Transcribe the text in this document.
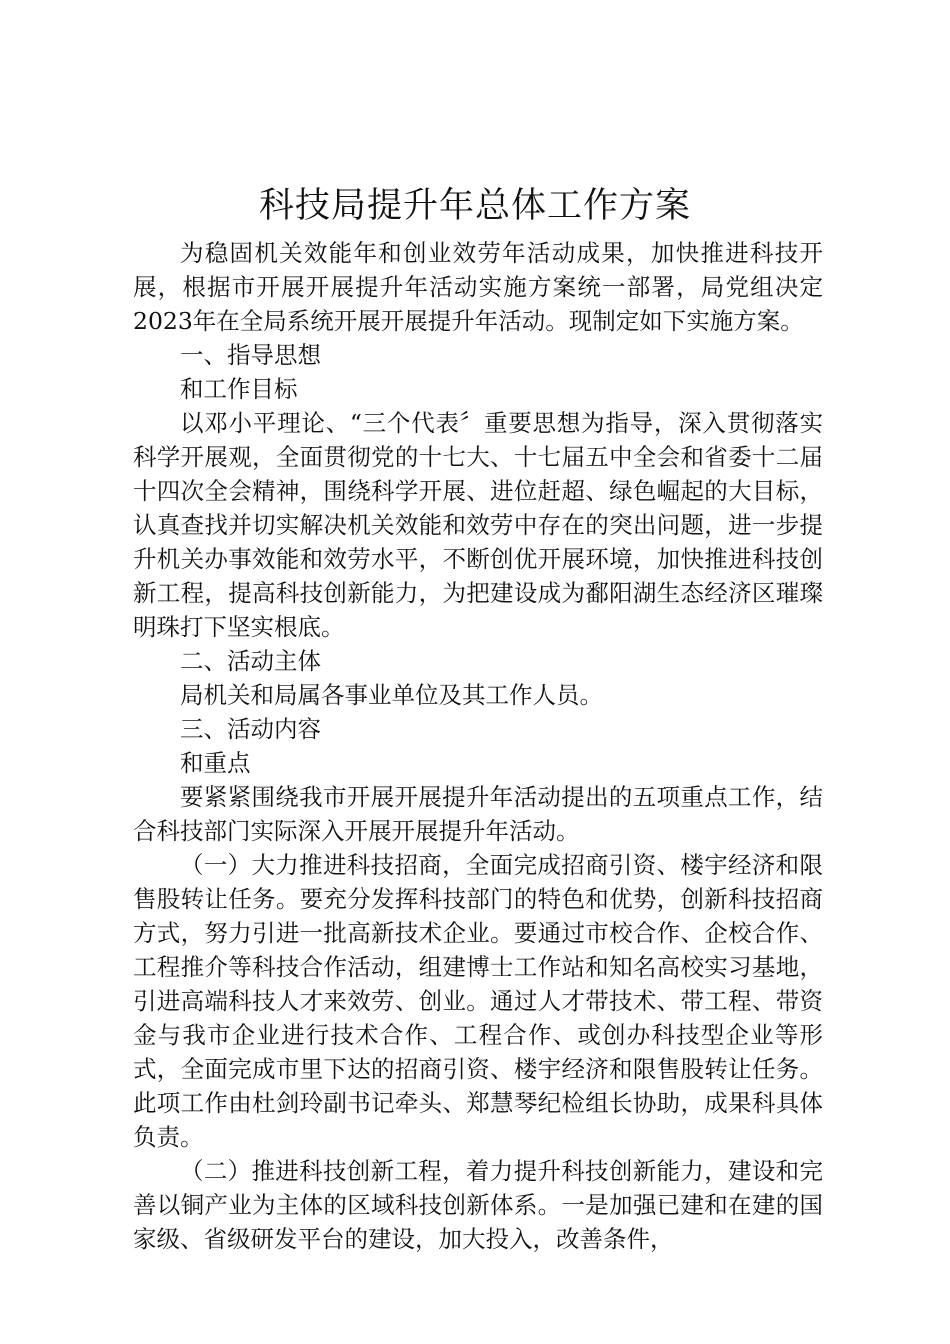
科技局提升年总体工作方案

为稳固机关效能年和创业效劳年活动成果，加快推进科技开展，根据市开展开展提升年活动实施方案统一部署，局党组决定2023年在全局系统开展开展提升年活动。现制定如下实施方案。

一、指导思想

和工作目标

以邓小平理论、“三个代表〞重要思想为指导，深入贯彻落实科学开展观，全面贯彻党的十七大、十七届五中全会和省委十二届十四次全会精神，围绕科学开展、进位赶超、绿色崛起的大目标，认真查找并切实解决机关效能和效劳中存在的突出问题，进一步提升机关办事效能和效劳水平，不断创优开展环境，加快推进科技创新工程，提高科技创新能力，为把建设成为鄱阳湖生态经济区璀璨明珠打下坚实根底。

二、活动主体

局机关和局属各事业单位及其工作人员。

三、活动内容

和重点

要紧紧围绕我市开展开展提升年活动提出的五项重点工作，结合科技部门实际深入开展开展提升年活动。

（一）大力推进科技招商，全面完成招商引资、楼宇经济和限售股转让任务。要充分发挥科技部门的特色和优势，创新科技招商方式，努力引进一批高新技术企业。要通过市校合作、企校合作、工程推介等科技合作活动，组建博士工作站和知名高校实习基地，引进高端科技人才来效劳、创业。通过人才带技术、带工程、带资金与我市企业进行技术合作、工程合作、或创办科技型企业等形式，全面完成市里下达的招商引资、楼宇经济和限售股转让任务。此项工作由杜剑玲副书记牵头、郑慧琴纪检组长协助，成果科具体负责。

（二）推进科技创新工程，着力提升科技创新能力，建设和完善以铜产业为主体的区域科技创新体系。一是加强已建和在建的国家级、省级研发平台的建设，加大投入，改善条件，
